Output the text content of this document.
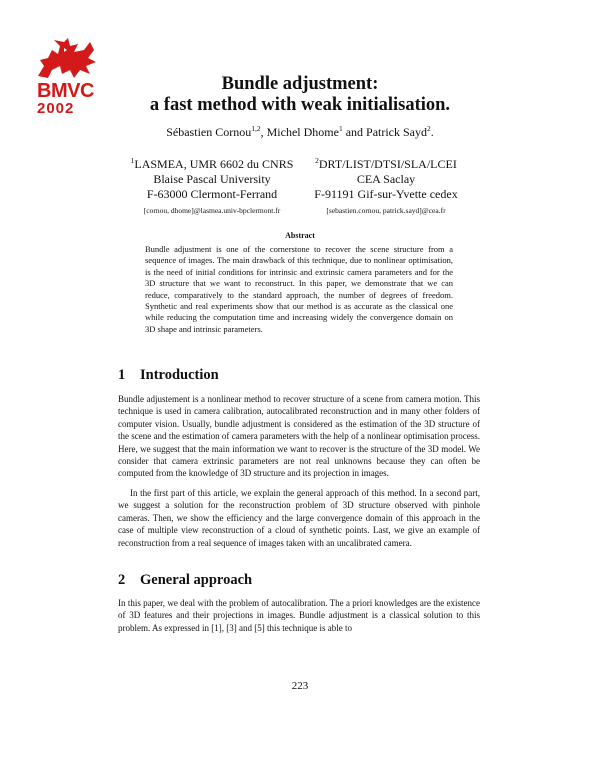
BMVC
2002
Bundle adjustment:
a fast method with weak initialisation.
Sébastien Cornou$^{1,2}$, Michel Dhome$^1$ and Patrick Sayd$^2$.
$^1$LASMEA, UMR 6602 du CNRS
Blaise Pascal University
F-63000 Clermont-Ferrand
[cornou, dhome]@lasmea.univ-bpclermont.fr
$^2$DRT/LIST/DTSI/SLA/LCEI
CEA Saclay
F-91191 Gif-sur-Yvette cedex
[sebastien.cornou, patrick.sayd]@cea.fr
Abstract
Bundle adjustment is one of the cornerstone to recover the scene structure from a sequence of images. The main drawback of this technique, due to nonlinear optimisation, is the need of initial conditions for intrinsic and extrinsic camera parameters and for the 3D structure that we want to reconstruct. In this paper, we demonstrate that we can reduce, comparatively to the standard approach, the number of degrees of freedom. Synthetic and real experiments show that our method is as accurate as the classical one while reducing the computation time and increasing widely the convergence domain on 3D shape and intrinsic parameters.
1 Introduction
Bundle adjustement is a nonlinear method to recover structure of a scene from camera motion. This technique is used in camera calibration, autocalibrated reconstruction and in many other folders of computer vision. Usually, bundle adjustment is considered as the estimation of the 3D structure of the scene and the estimation of camera parameters with the help of a nonlinear optimisation process. Here, we suggest that the main information we want to recover is the structure of the 3D model. We consider that camera extrinsic parameters are not real unknowns because they can often be computed from the knowledge of 3D structure and its projection in images.
In the first part of this article, we explain the general approach of this method. In a second part, we suggest a solution for the reconstruction problem of 3D structure observed with pinhole cameras. Then, we show the efficiency and the large convergence domain of this approach in the case of multiple view reconstruction of a cloud of synthetic points. Last, we give an example of reconstruction from a real sequence of images taken with an uncalibrated camera.
2 General approach
In this paper, we deal with the problem of autocalibration. The a priori knowledges are the existence of 3D features and their projections in images. Bundle adjustment is a classical solution to this problem. As expressed in [1], [3] and [5] this technique is able to
223
